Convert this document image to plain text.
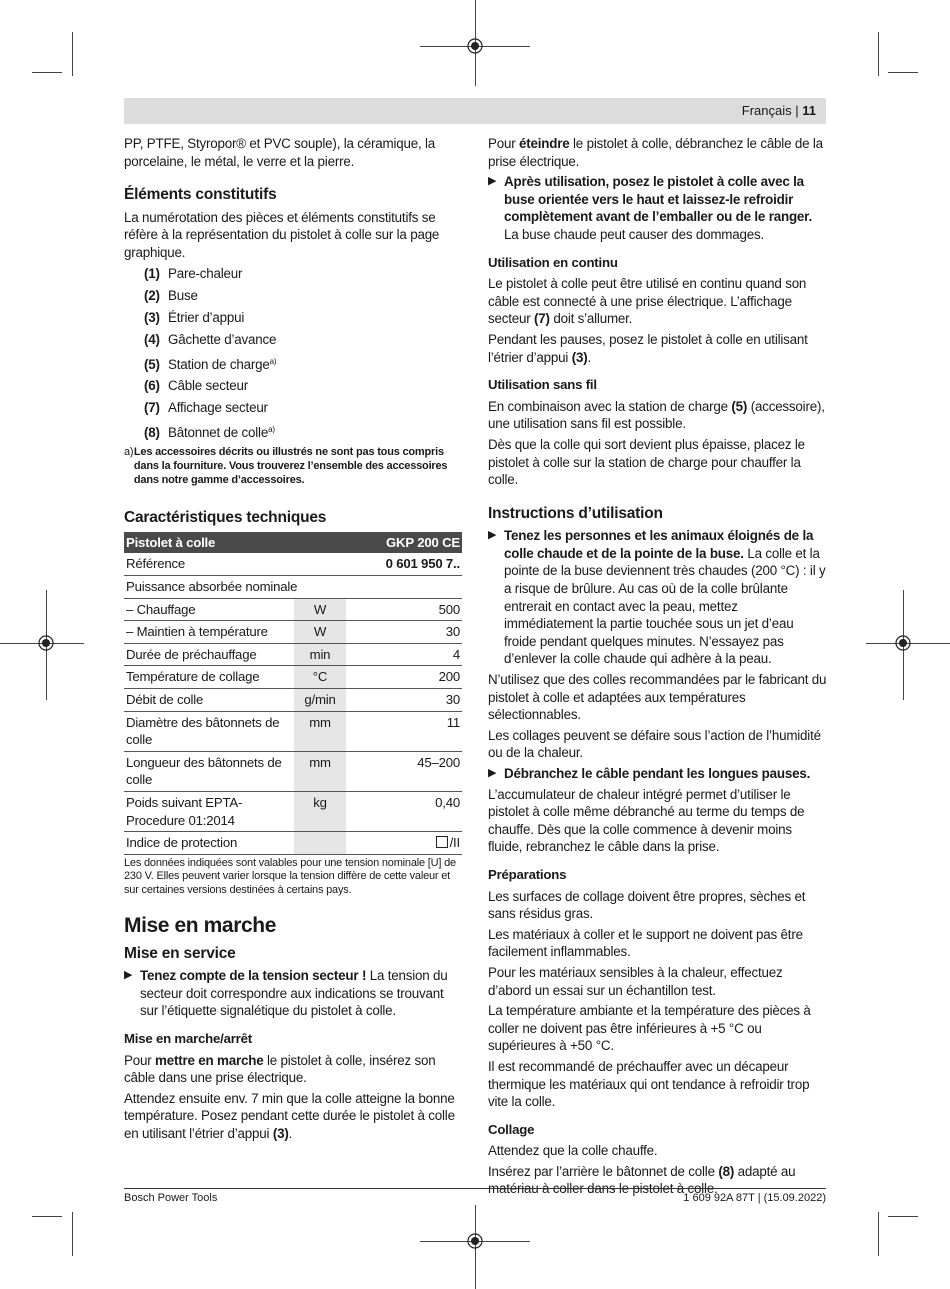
Français | 11

PP, PTFE, Styropor® et PVC souple), la céramique, la porcelaine, le métal, le verre et la pierre.

Éléments constitutifs

La numérotation des pièces et éléments constitutifs se réfère à la représentation du pistolet à colle sur la page graphique.

(1) Pare-chaleur
(2) Buse
(3) Étrier d’appui
(4) Gâchette d’avance
(5) Station de charge$^{a)}$
(6) Câble secteur
(7) Affichage secteur
(8) Bâtonnet de colle$^{a)}$
a) Les accessoires décrits ou illustrés ne sont pas tous compris dans la fourniture. Vous trouverez l’ensemble des accessoires dans notre gamme d’accessoires.
Caractéristiques techniques
Pistolet à colle		GKP 200 CE
Référence		0 601 950 7..
Puissance absorbée nominale		
– Chauffage	W	500
– Maintien à température	W	30
Durée de préchauffage	min	4
Température de collage	°C	200
Débit de colle	g/min	30
Diamètre des bâtonnets de colle	mm	11
Longueur des bâtonnets de colle	mm	45–200
Poids suivant EPTA-Procedure 01:2014	kg	0,40
Indice de protection		/II
Les données indiquées sont valables pour une tension nominale [U] de 230 V. Elles peuvent varier lorsque la tension diffère de cette valeur et sur certaines versions destinées à certains pays.
Mise en marche
Mise en service
▶ Tenez compte de la tension secteur ! La tension du secteur doit correspondre aux indications se trouvant sur l’étiquette signalétique du pistolet à colle.
Mise en marche/arrêt

Pour mettre en marche le pistolet à colle, insérez son câble dans une prise électrique.

Attendez ensuite env. 7 min que la colle atteigne la bonne température. Posez pendant cette durée le pistolet à colle en utilisant l’étrier d’appui (3).

Pour éteindre le pistolet à colle, débranchez le câble de la prise électrique.

▶ Après utilisation, posez le pistolet à colle avec la buse orientée vers le haut et laissez-le refroidir complètement avant de l’emballer ou de le ranger. La buse chaude peut causer des dommages.
Utilisation en continu

Le pistolet à colle peut être utilisé en continu quand son câble est connecté à une prise électrique. L’affichage secteur (7) doit s’allumer.

Pendant les pauses, posez le pistolet à colle en utilisant l’étrier d’appui (3).

Utilisation sans fil

En combinaison avec la station de charge (5) (accessoire), une utilisation sans fil est possible.

Dès que la colle qui sort devient plus épaisse, placez le pistolet à colle sur la station de charge pour chauffer la colle.

Instructions d’utilisation
▶ Tenez les personnes et les animaux éloignés de la colle chaude et de la pointe de la buse. La colle et la pointe de la buse deviennent très chaudes (200 °C) : il y a risque de brûlure. Au cas où de la colle brûlante entrerait en contact avec la peau, mettez immédiatement la partie touchée sous un jet d’eau froide pendant quelques minutes. N’essayez pas d’enlever la colle chaude qui adhère à la peau.

N’utilisez que des colles recommandées par le fabricant du pistolet à colle et adaptées aux températures sélectionnables.

Les collages peuvent se défaire sous l’action de l’humidité ou de la chaleur.

▶ Débranchez le câble pendant les longues pauses.

L’accumulateur de chaleur intégré permet d’utiliser le pistolet à colle même débranché au terme du temps de chauffe. Dès que la colle commence à devenir moins fluide, rebranchez le câble dans la prise.

Préparations

Les surfaces de collage doivent être propres, sèches et sans résidus gras.

Les matériaux à coller et le support ne doivent pas être facilement inflammables.

Pour les matériaux sensibles à la chaleur, effectuez d’abord un essai sur un échantillon test.

La température ambiante et la température des pièces à coller ne doivent pas être inférieures à +5 °C ou supérieures à +50 °C.

Il est recommandé de préchauffer avec un décapeur thermique les matériaux qui ont tendance à refroidir trop vite la colle.

Collage

Attendez que la colle chauffe.

Insérez par l’arrière le bâtonnet de colle (8) adapté au

Bosch Power Tools	1 609 92A 87T | (15.09.2022)
